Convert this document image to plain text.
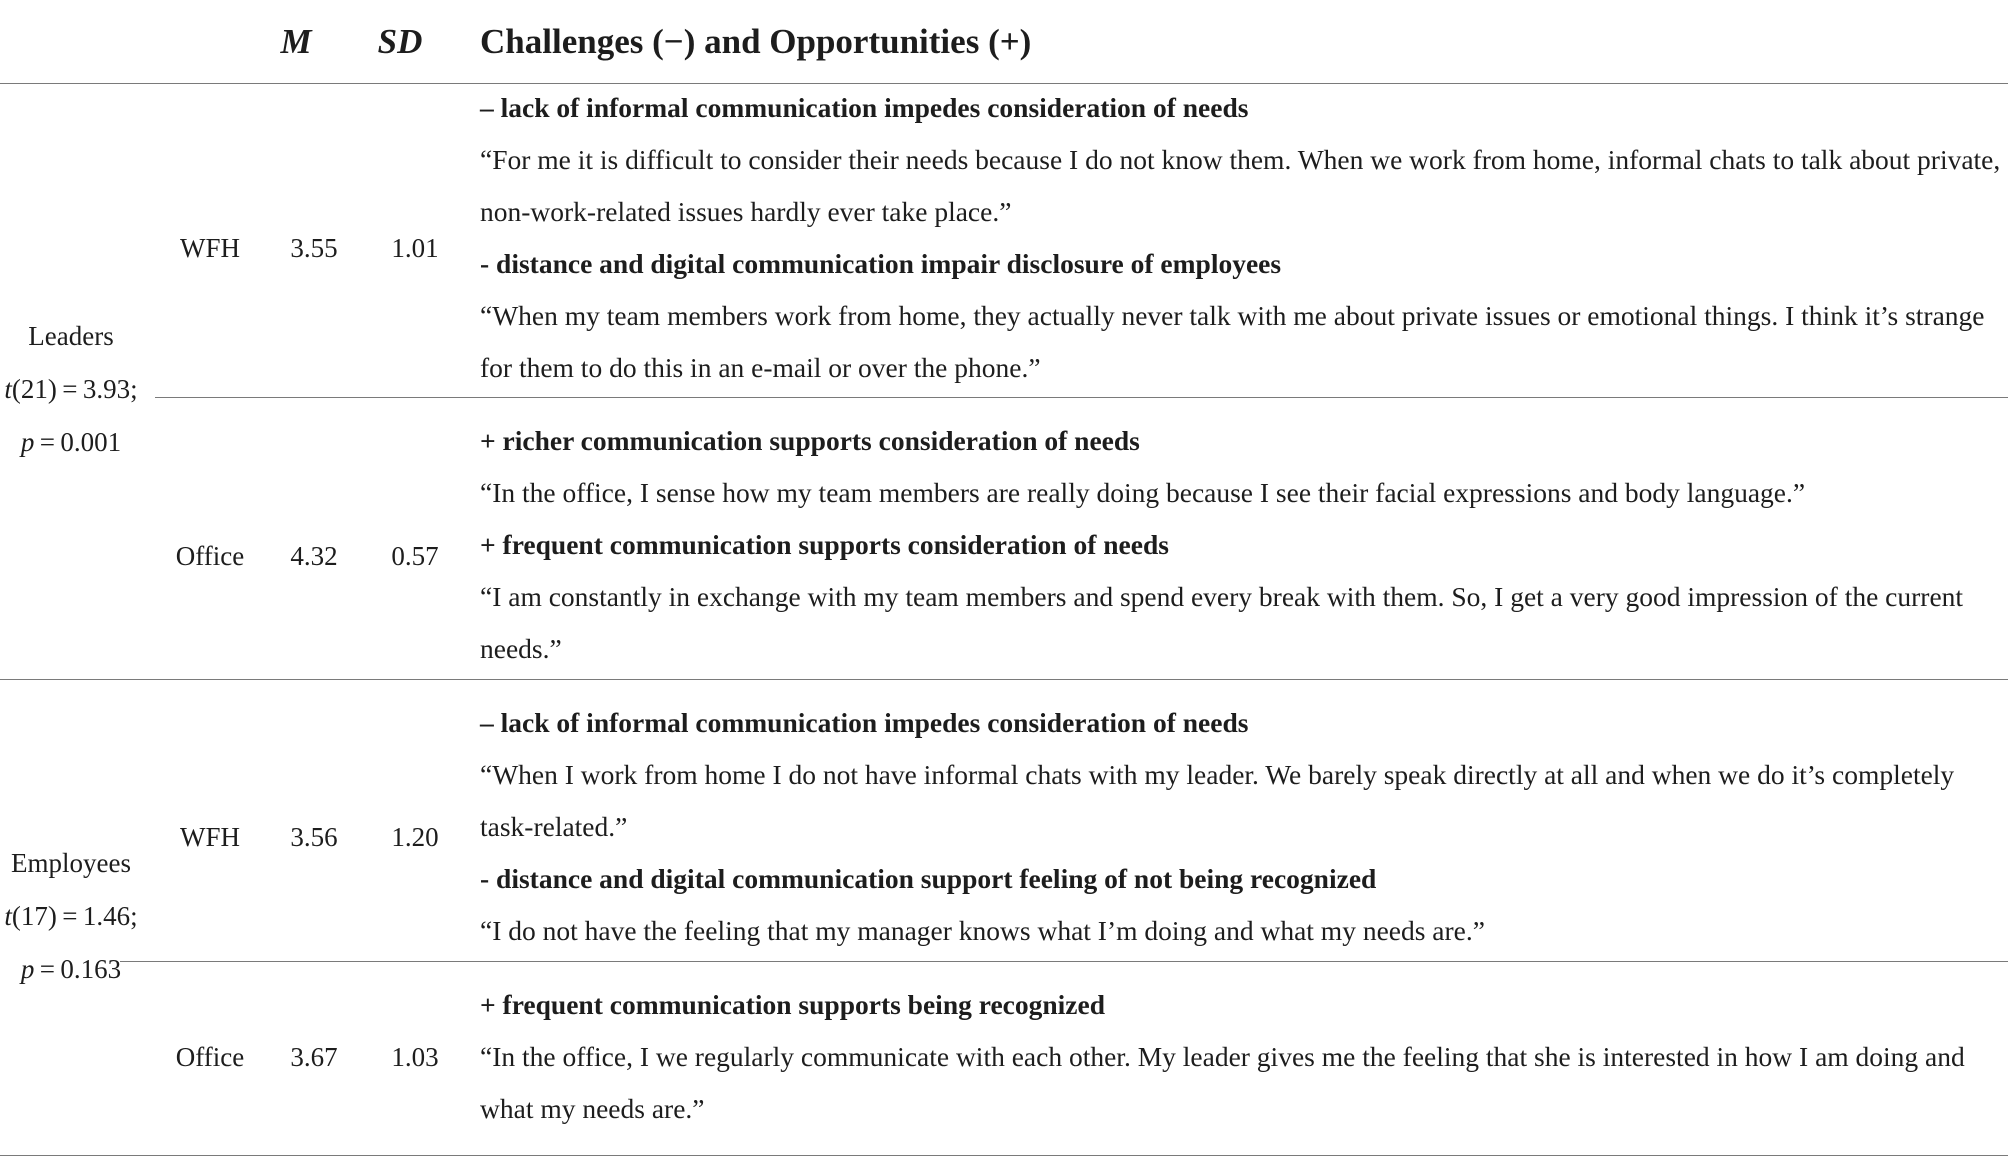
M SD Challenges (−) and Opportunities (+)
Leaders
t(21) = 3.93;
p = 0.001
WFH	3.55	1.01
– lack of informal communication impedes consideration of needs
“For me it is difficult to consider their needs because I do not know them. When we work from home, informal chats to talk about private, non-work-related issues hardly ever take place.”
- distance and digital communication impair disclosure of employees
“When my team members work from home, they actually never talk with me about private issues or emotional things. I think it’s strange for them to do this in an e-mail or over the phone.”
Office	4.32	0.57
+ richer communication supports consideration of needs
“In the office, I sense how my team members are really doing because I see their facial expressions and body language.”
+ frequent communication supports consideration of needs
“I am constantly in exchange with my team members and spend every break with them. So, I get a very good impression of the current needs.”
Employees
t(17) = 1.46;
p = 0.163
WFH	3.56	1.20
– lack of informal communication impedes consideration of needs
“When I work from home I do not have informal chats with my leader. We barely speak directly at all and when we do it’s completely task-related.”
- distance and digital communication support feeling of not being recognized
“I do not have the feeling that my manager knows what I’m doing and what my needs are.”
Office	3.67	1.03
+ frequent communication supports being recognized
“In the office, I we regularly communicate with each other. My leader gives me the feeling that she is interested in how I am doing and what my needs are.”
